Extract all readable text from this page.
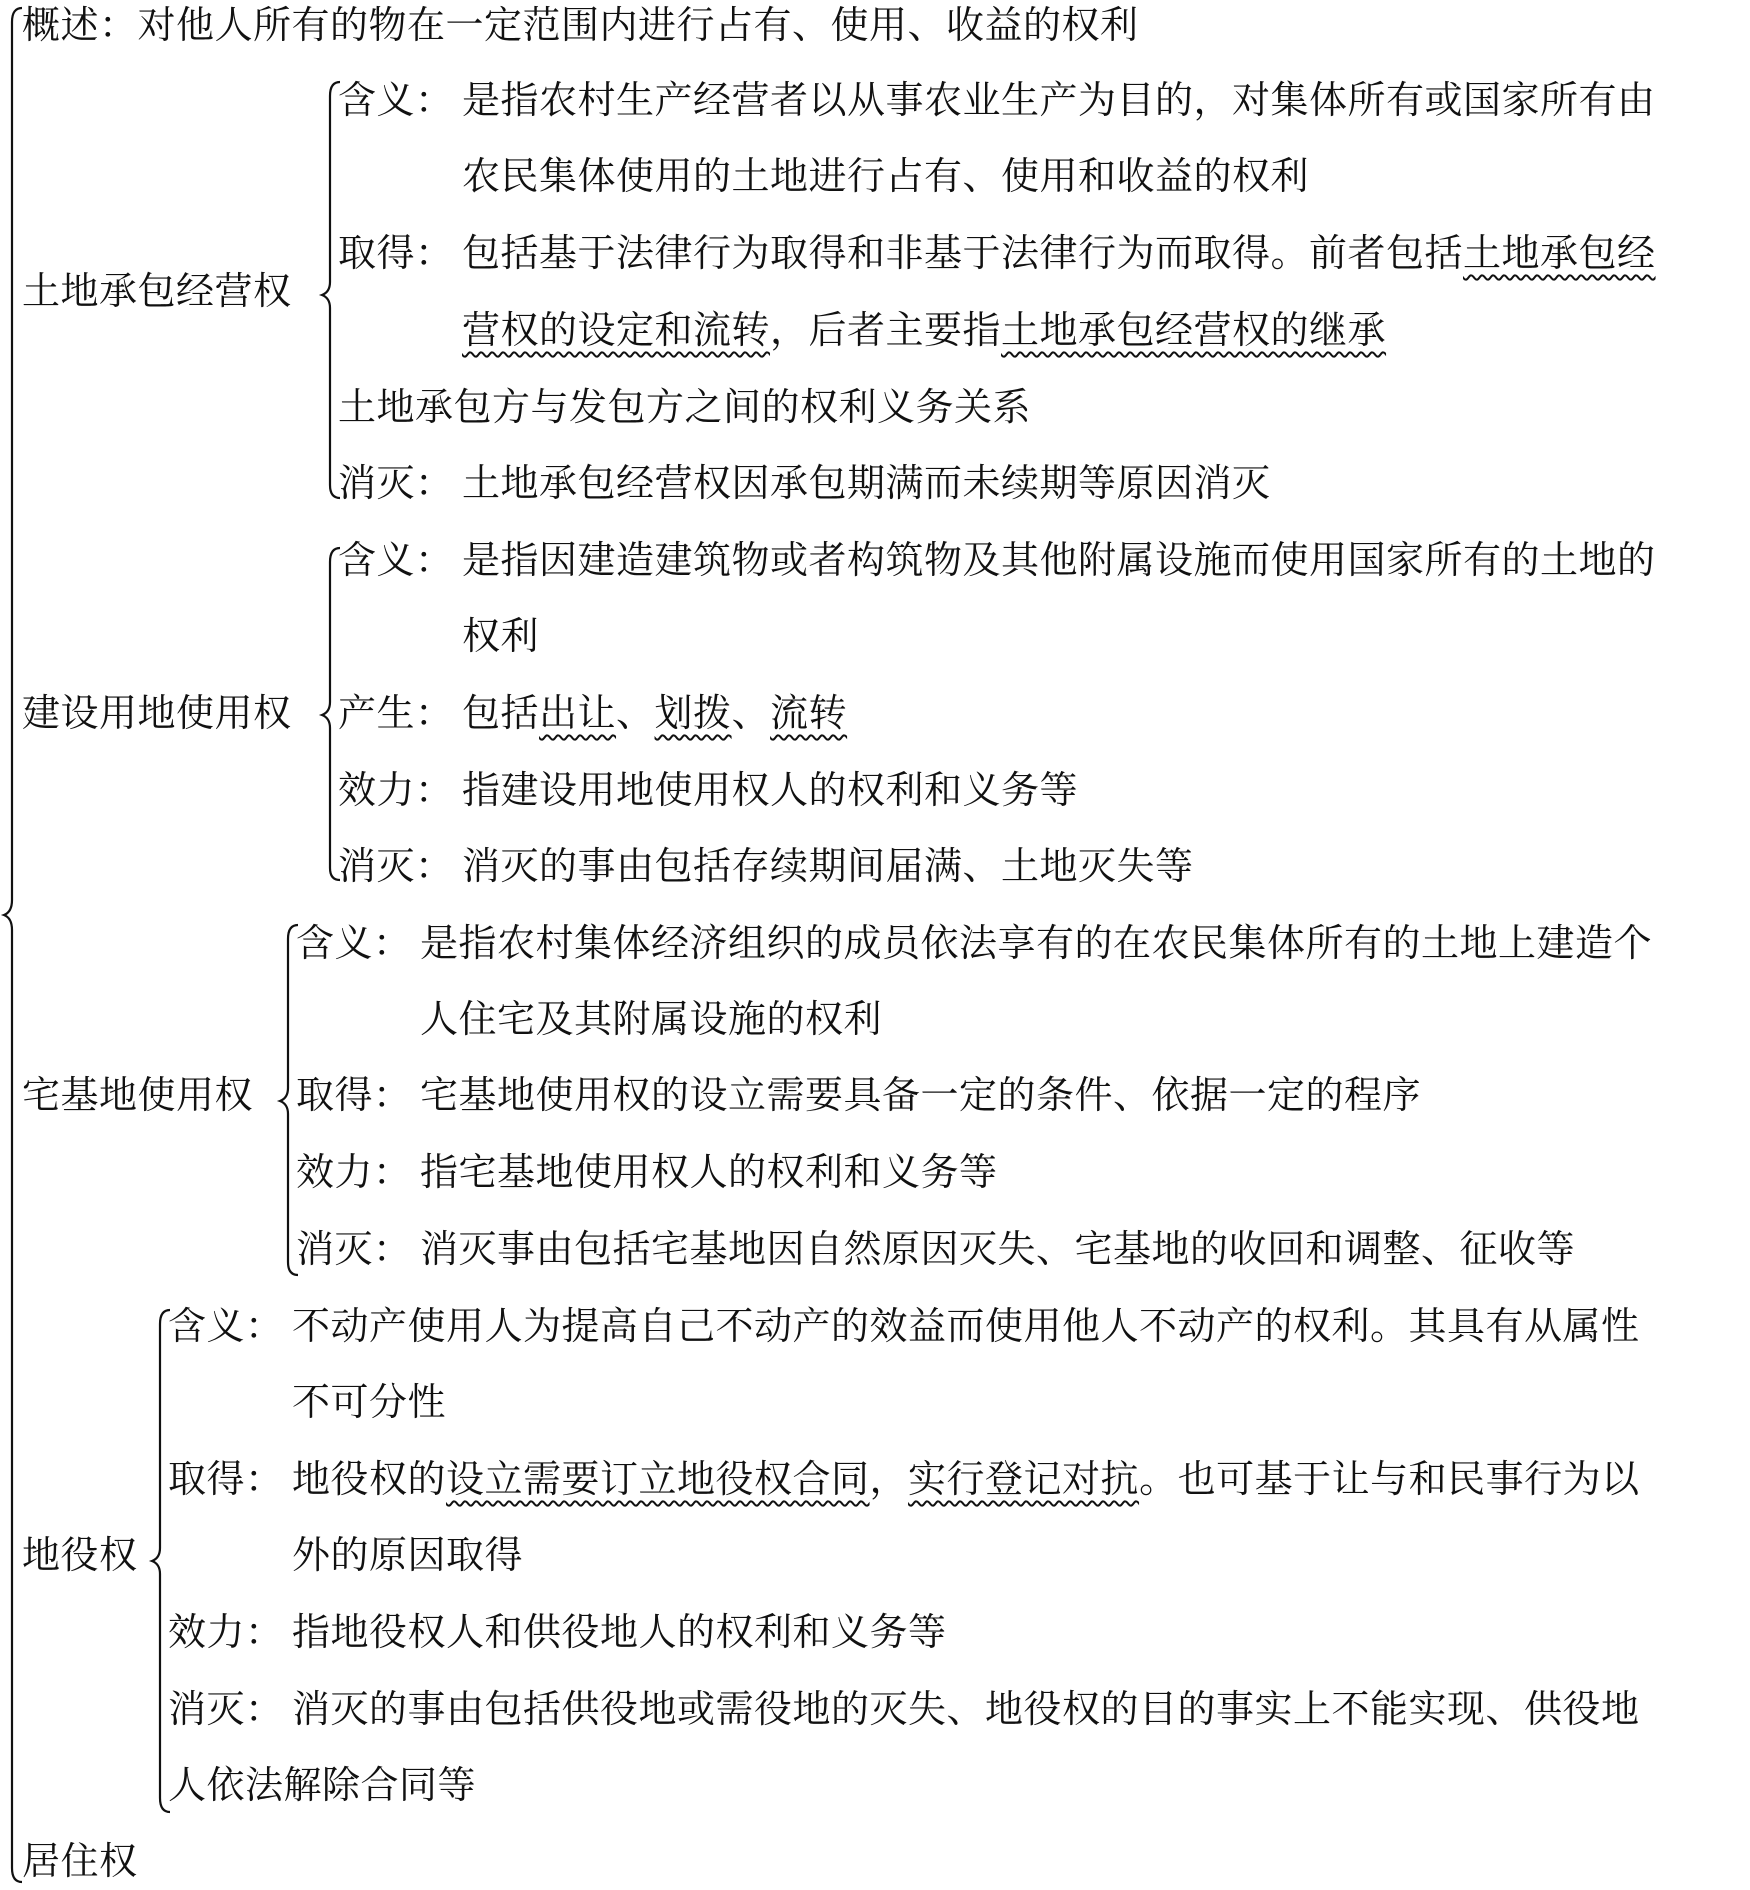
概述：对他人所有的物在一定范围内进行占有、使用、收益的权利
土地承包经营权
含义： 是指农村生产经营者以从事农业生产为目的，对集体所有或国家所有由
农民集体使用的土地进行占有、使用和收益的权利
取得： 包括基于法律行为取得和非基于法律行为而取得。前者包括土地承包经
营权的设定和流转，后者主要指土地承包经营权的继承
土地承包方与发包方之间的权利义务关系
消灭： 土地承包经营权因承包期满而未续期等原因消灭
建设用地使用权
含义： 是指因建造建筑物或者构筑物及其他附属设施而使用国家所有的土地的
权利
产生： 包括出让、划拨、流转
效力： 指建设用地使用权人的权利和义务等
消灭： 消灭的事由包括存续期间届满、土地灭失等
宅基地使用权
含义： 是指农村集体经济组织的成员依法享有的在农民集体所有的土地上建造个
人住宅及其附属设施的权利
取得： 宅基地使用权的设立需要具备一定的条件、依据一定的程序
效力： 指宅基地使用权人的权利和义务等
消灭： 消灭事由包括宅基地因自然原因灭失、宅基地的收回和调整、征收等
地役权
含义： 不动产使用人为提高自己不动产的效益而使用他人不动产的权利。其具有从属性
不可分性
取得： 地役权的设立需要订立地役权合同，实行登记对抗。也可基于让与和民事行为以
外的原因取得
效力： 指地役权人和供役地人的权利和义务等
消灭： 消灭的事由包括供役地或需役地的灭失、地役权的目的事实上不能实现、供役地
人依法解除合同等
居住权
